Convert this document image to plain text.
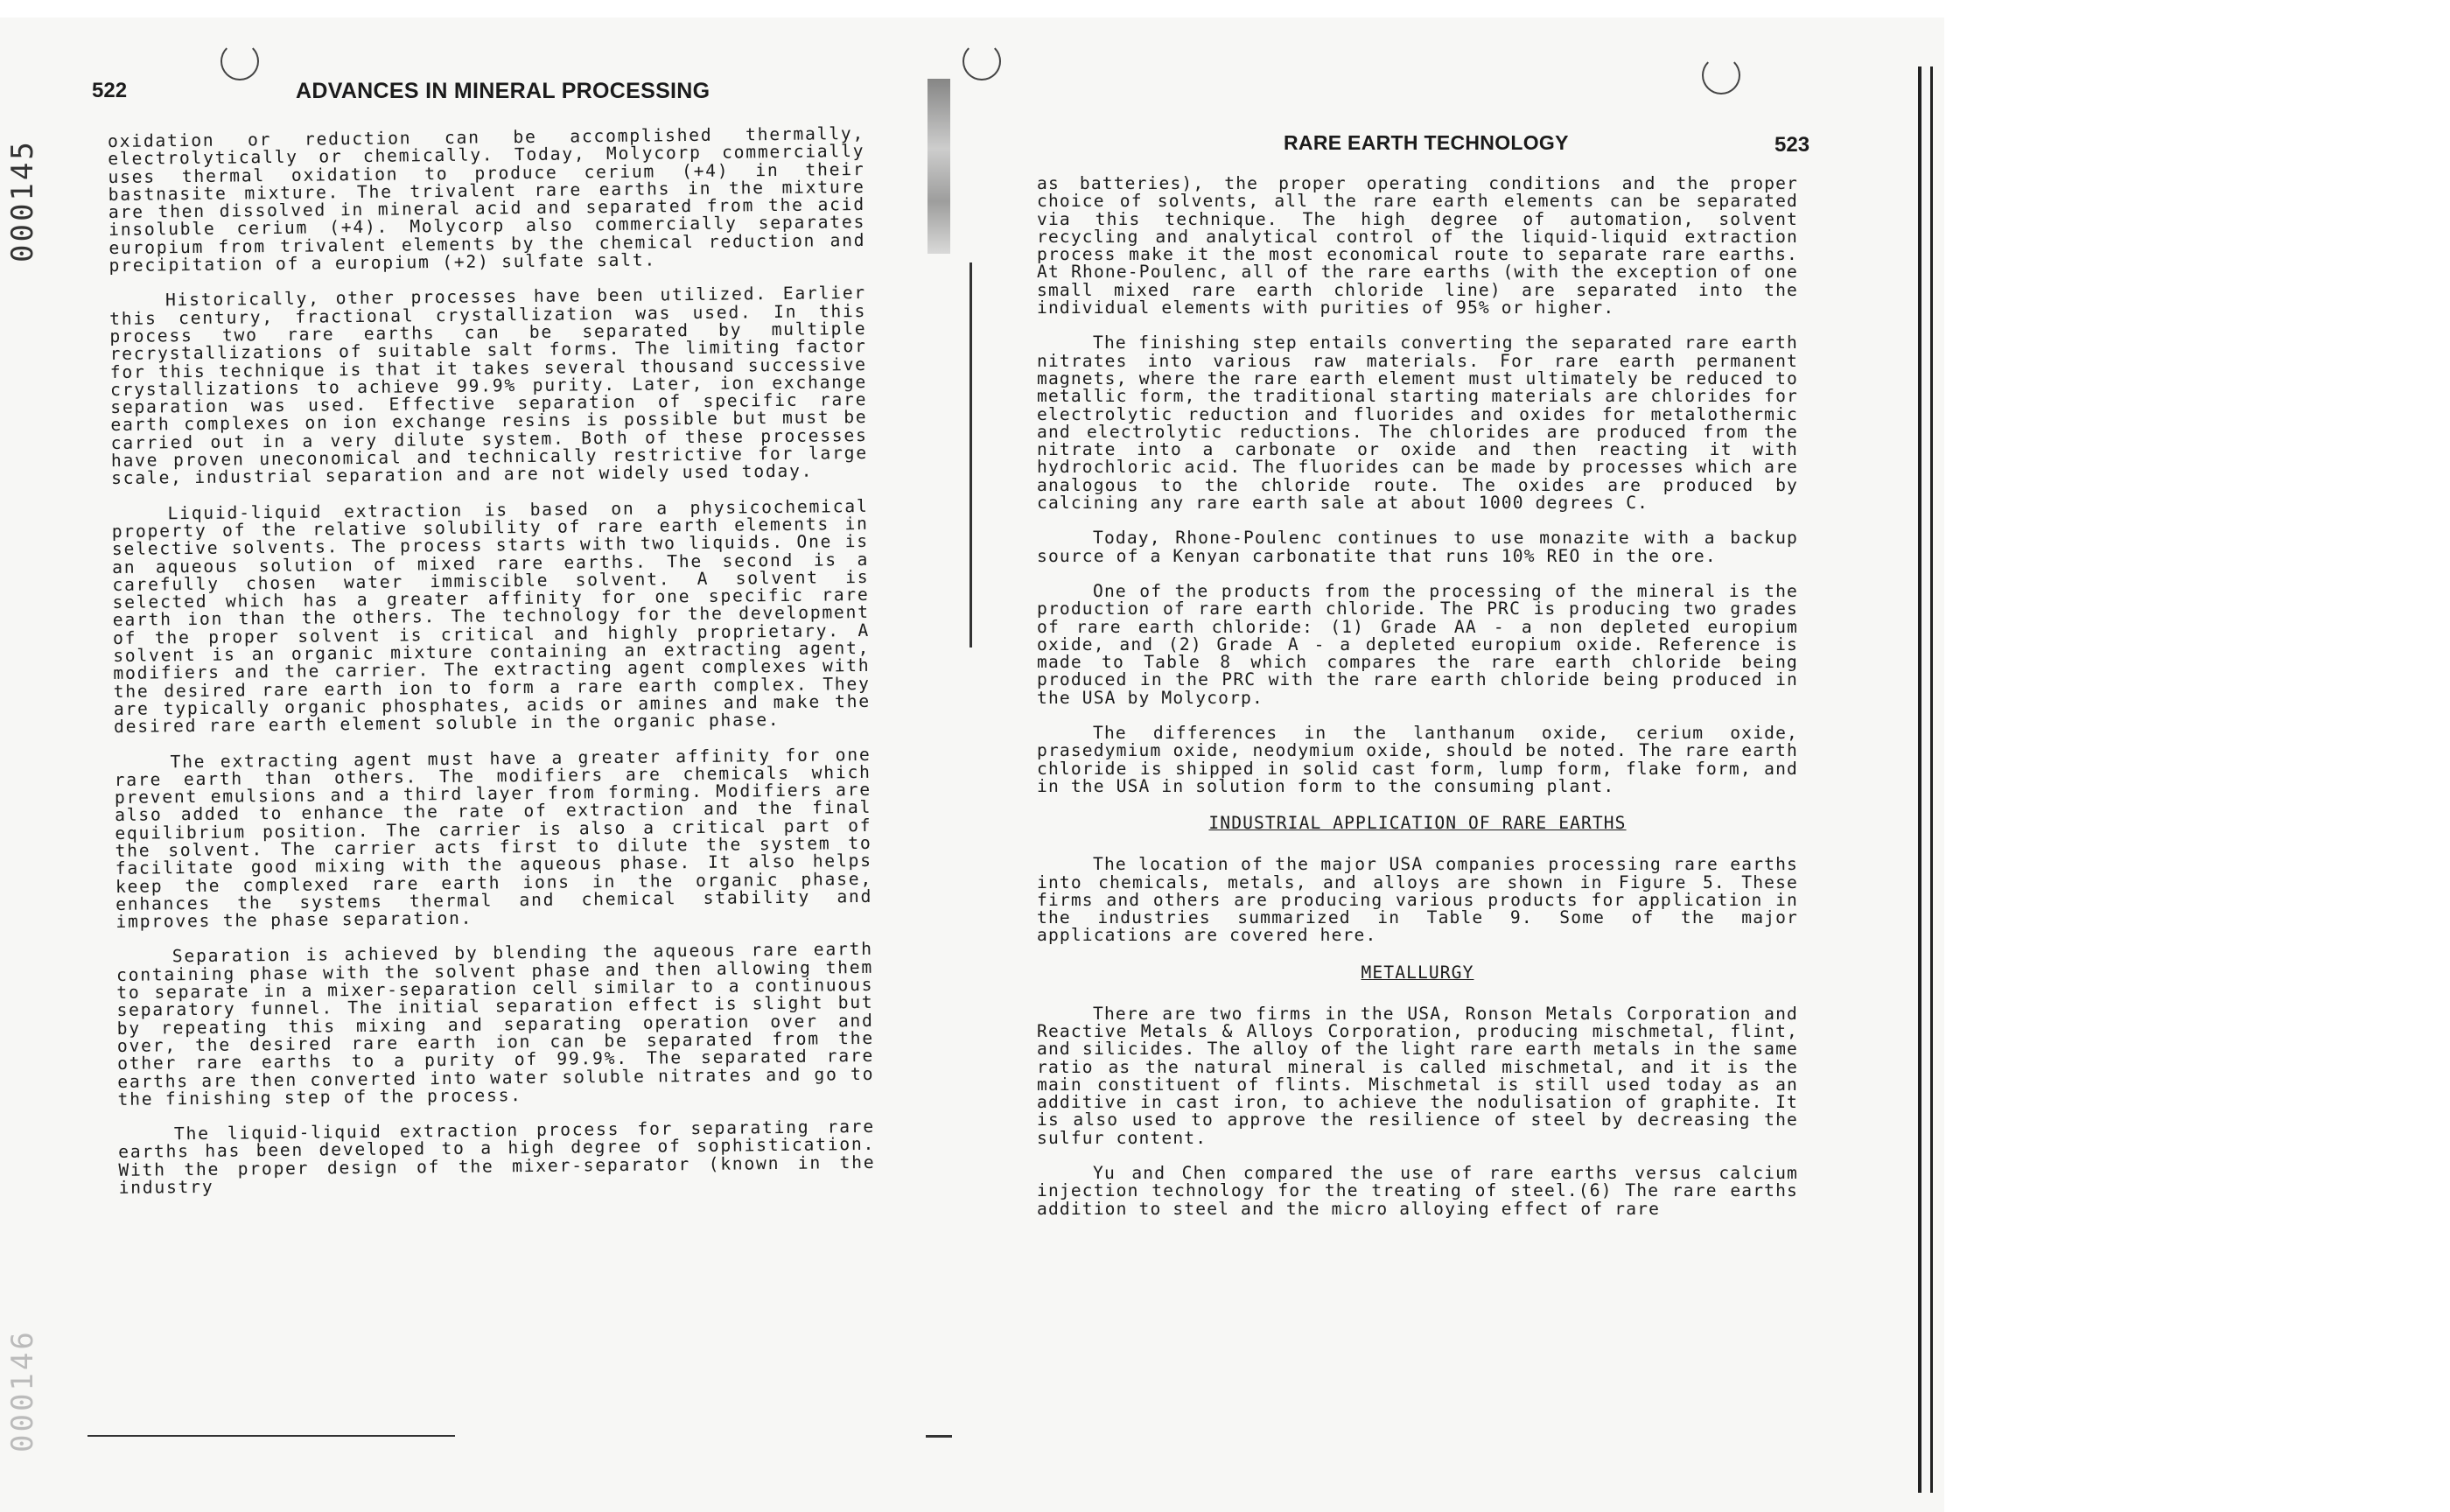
000145
000146
522	ADVANCES IN MINERAL PROCESSING

oxidation or reduction can be accomplished thermally, electrolytically or chemically. Today, Molycorp commercially uses thermal oxidation to produce cerium (+4) in their bastnasite mixture. The trivalent rare earths in the mixture are then dissolved in mineral acid and separated from the acid insoluble cerium (+4). Molycorp also commercially separates europium from trivalent elements by the chemical reduction and precipitation of a europium (+2) sulfate salt.

Historically, other processes have been utilized. Earlier this century, fractional crystallization was used. In this process two rare earths can be separated by multiple recrystallizations of suitable salt forms. The limiting factor for this technique is that it takes several thousand successive crystallizations to achieve 99.9% purity. Later, ion exchange separation was used. Effective separation of specific rare earth complexes on ion exchange resins is possible but must be carried out in a very dilute system. Both of these processes have proven uneconomical and technically restrictive for large scale, industrial separation and are not widely used today.

Liquid-liquid extraction is based on a physicochemical property of the relative solubility of rare earth elements in selective solvents. The process starts with two liquids. One is an aqueous solution of mixed rare earths. The second is a carefully chosen water immiscible solvent. A solvent is selected which has a greater affinity for one specific rare earth ion than the others. The technology for the development of the proper solvent is critical and highly proprietary. A solvent is an organic mixture containing an extracting agent, modifiers and the carrier. The extracting agent complexes with the desired rare earth ion to form a rare earth complex. They are typically organic phosphates, acids or amines and make the desired rare earth element soluble in the organic phase.

The extracting agent must have a greater affinity for one rare earth than others. The modifiers are chemicals which prevent emulsions and a third layer from forming. Modifiers are also added to enhance the rate of extraction and the final equilibrium position. The carrier is also a critical part of the solvent. The carrier acts first to dilute the system to facilitate good mixing with the aqueous phase. It also helps keep the complexed rare earth ions in the organic phase, enhances the systems thermal and chemical stability and improves the phase separation.

Separation is achieved by blending the aqueous rare earth containing phase with the solvent phase and then allowing them to separate in a mixer-separation cell similar to a continuous separatory funnel. The initial separation effect is slight but by repeating this mixing and separating operation over and over, the desired rare earth ion can be separated from the other rare earths to a purity of 99.9%. The separated rare earths are then converted into water soluble nitrates and go to the finishing step of the process.

The liquid-liquid extraction process for separating rare earths has been developed to a high degree of sophistication. With the proper design of the mixer-separator (known in the industry

RARE EARTH TECHNOLOGY	523

as batteries), the proper operating conditions and the proper choice of solvents, all the rare earth elements can be separated via this technique. The high degree of automation, solvent recycling and analytical control of the liquid-liquid extraction process make it the most economical route to separate rare earths. At Rhone-Poulenc, all of the rare earths (with the exception of one small mixed rare earth chloride line) are separated into the individual elements with purities of 95% or higher.

The finishing step entails converting the separated rare earth nitrates into various raw materials. For rare earth permanent magnets, where the rare earth element must ultimately be reduced to metallic form, the traditional starting materials are chlorides for electrolytic reduction and fluorides and oxides for metalothermic and electrolytic reductions. The chlorides are produced from the nitrate into a carbonate or oxide and then reacting it with hydrochloric acid. The fluorides can be made by processes which are analogous to the chloride route. The oxides are produced by calcining any rare earth sale at about 1000 degrees C.

Today, Rhone-Poulenc continues to use monazite with a backup source of a Kenyan carbonatite that runs 10% REO in the ore.

One of the products from the processing of the mineral is the production of rare earth chloride. The PRC is producing two grades of rare earth chloride: (1) Grade AA - a non depleted europium oxide, and (2) Grade A - a depleted europium oxide. Reference is made to Table 8 which compares the rare earth chloride being produced in the PRC with the rare earth chloride being produced in the USA by Molycorp.

The differences in the lanthanum oxide, cerium oxide, prasedymium oxide, neodymium oxide, should be noted. The rare earth chloride is shipped in solid cast form, lump form, flake form, and in the USA in solution form to the consuming plant.

INDUSTRIAL APPLICATION OF RARE EARTHS

The location of the major USA companies processing rare earths into chemicals, metals, and alloys are shown in Figure 5. These firms and others are producing various products for application in the industries summarized in Table 9. Some of the major applications are covered here.

METALLURGY

There are two firms in the USA, Ronson Metals Corporation and Reactive Metals & Alloys Corporation, producing mischmetal, flint, and silicides. The alloy of the light rare earth metals in the same ratio as the natural mineral is called mischmetal, and it is the main constituent of flints. Mischmetal is still used today as an additive in cast iron, to achieve the nodulisation of graphite. It is also used to approve the resilience of steel by decreasing the sulfur content.

Yu and Chen compared the use of rare earths versus calcium injection technology for the treating of steel.(6) The rare earths addition to steel and the micro alloying effect of rare
